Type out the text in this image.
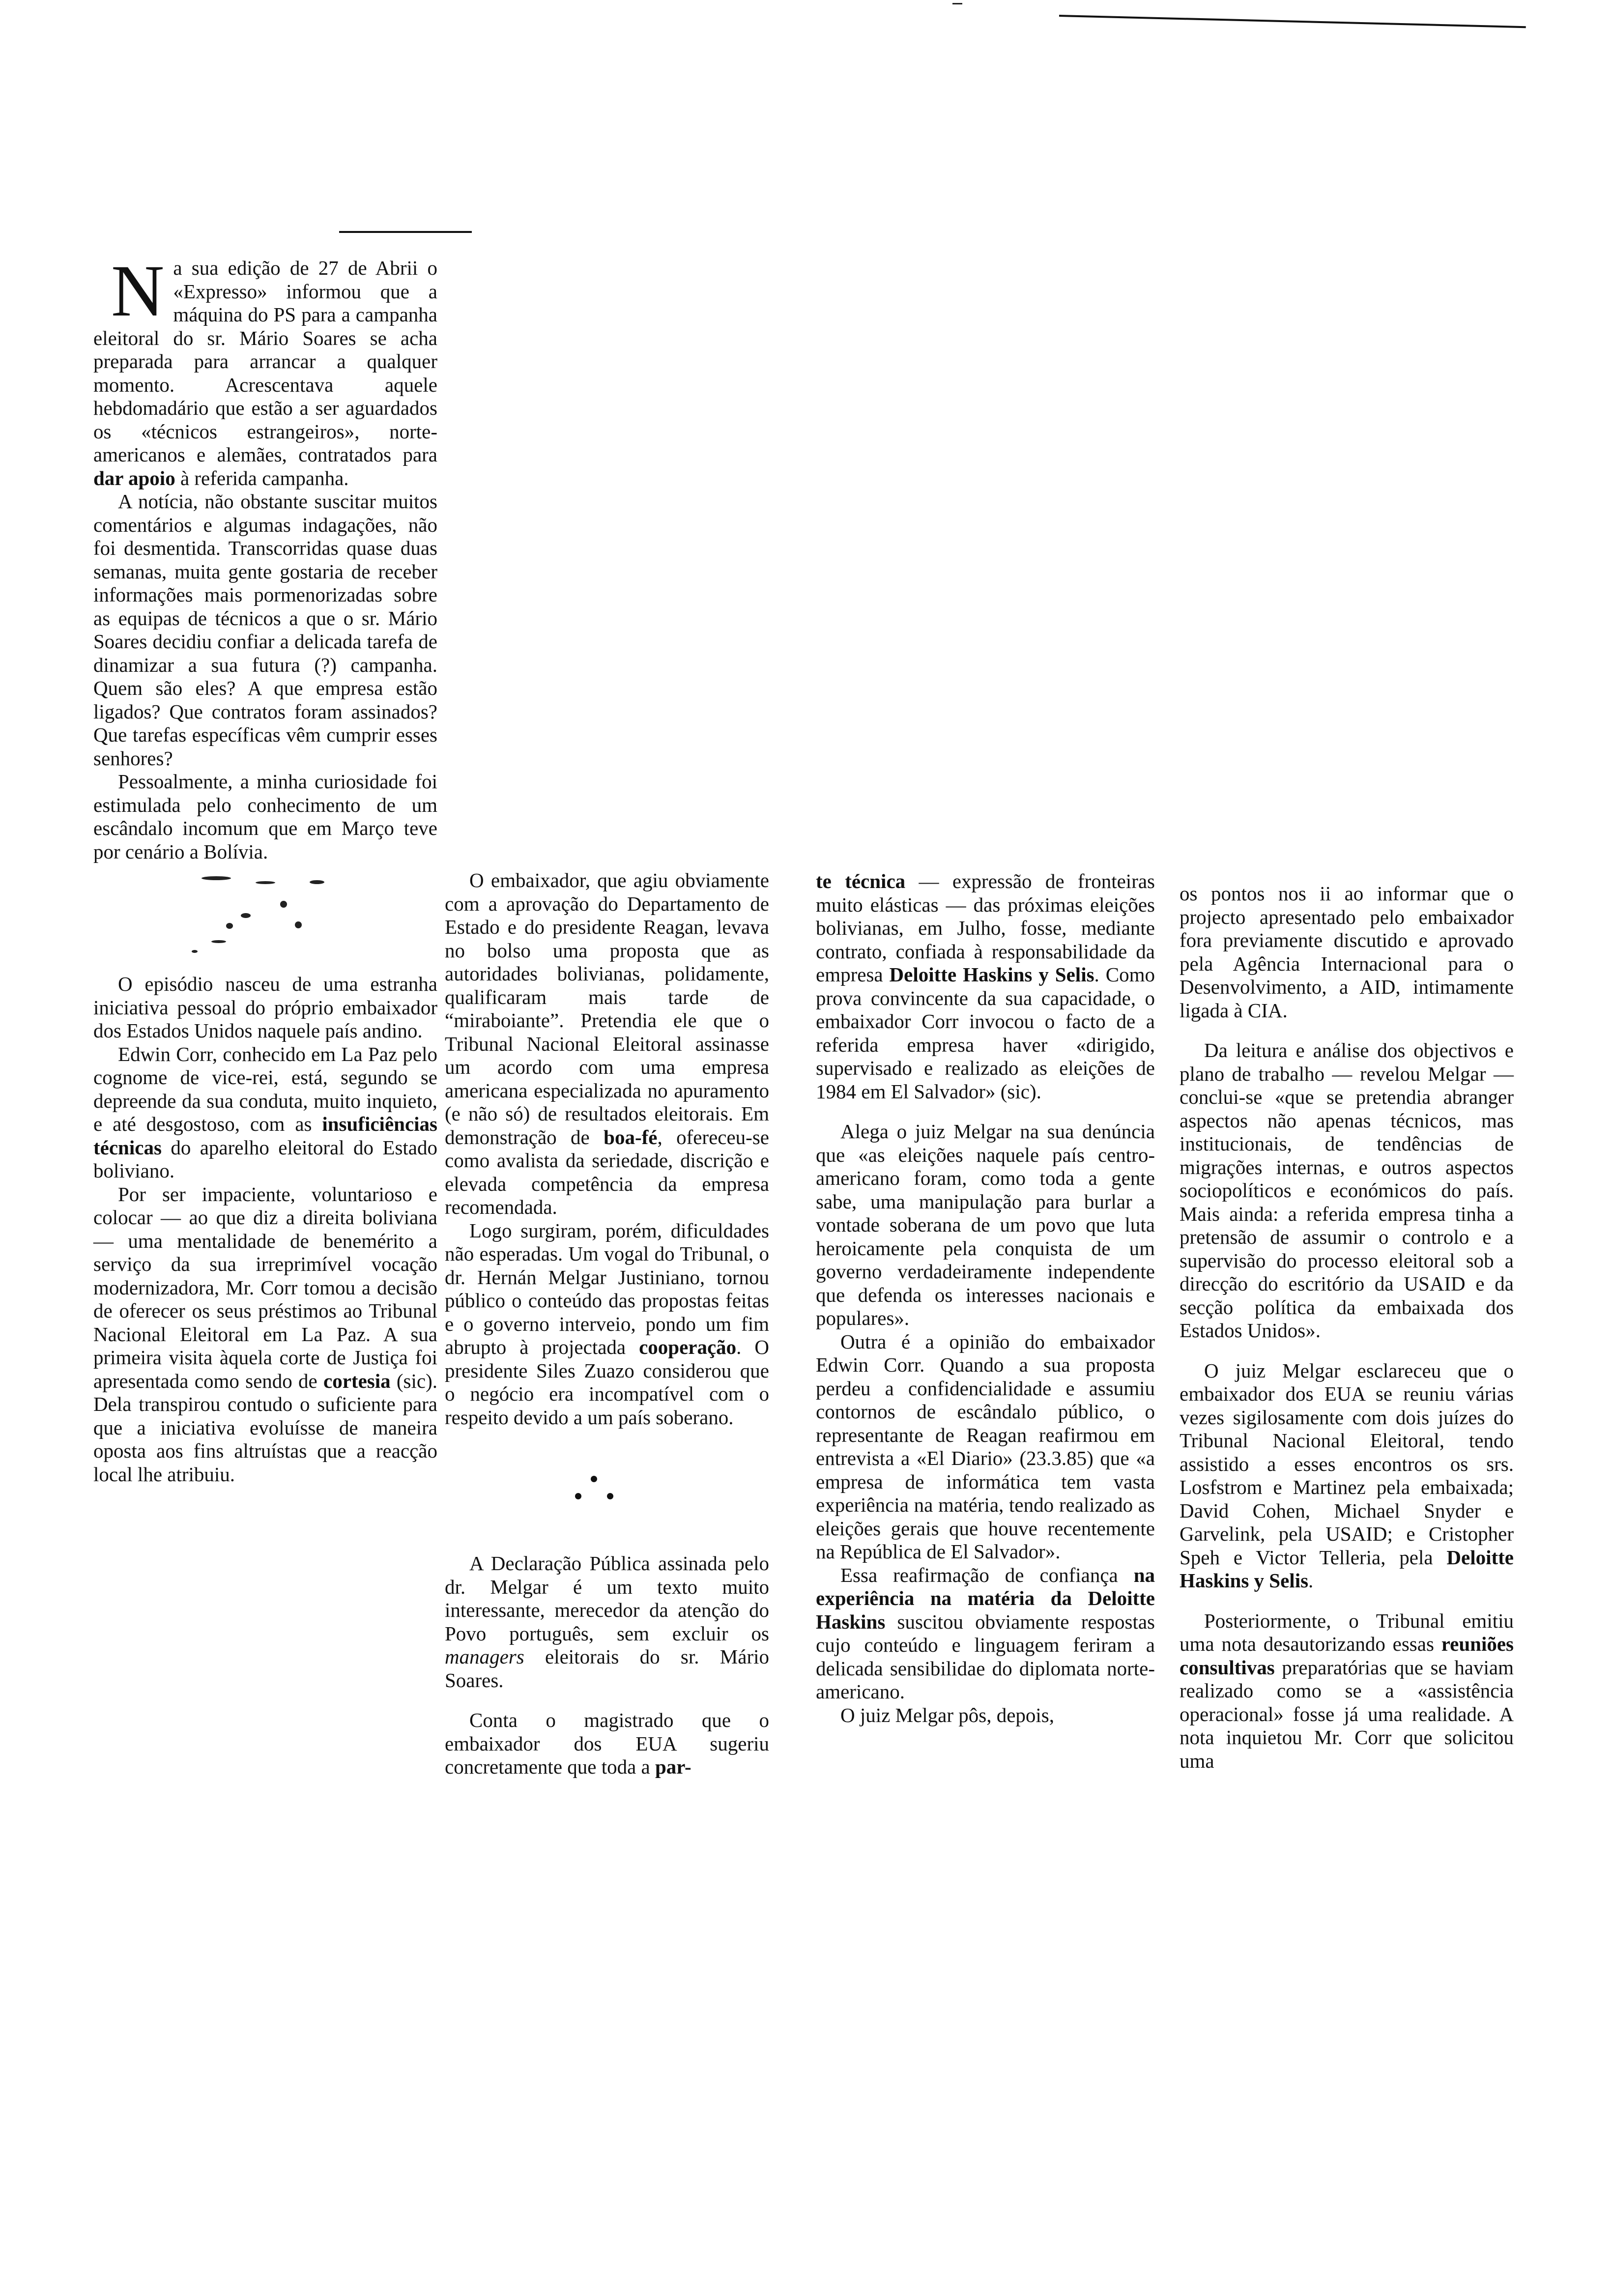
Na sua edição de 27 de Abrii o «Expresso» informou que a máquina do PS para a campanha eleitoral do sr. Mário Soares se acha preparada para arrancar a qualquer momento. Acrescentava aquele hebdomadário que estão a ser aguardados os «técnicos estrangeiros», norte-americanos e alemães, contratados para dar apoio à referida campanha.

A notícia, não obstante suscitar muitos comentários e algumas indagações, não foi desmentida. Transcorridas quase duas semanas, muita gente gostaria de receber informações mais pormenorizadas sobre as equipas de técnicos a que o sr. Mário Soares decidiu confiar a delicada tarefa de dinamizar a sua futura (?) campanha. Quem são eles? A que empresa estão ligados? Que contratos foram assinados? Que tarefas específicas vêm cumprir esses senhores?

Pessoalmente, a minha curiosidade foi estimulada pelo conhecimento de um escândalo incomum que em Março teve por cenário a Bolívia.

O episódio nasceu de uma estranha iniciativa pessoal do próprio embaixador dos Estados Unidos naquele país andino.

Edwin Corr, conhecido em La Paz pelo cognome de vice-rei, está, segundo se depreende da sua conduta, muito inquieto, e até desgostoso, com as insuficiências técnicas do aparelho eleitoral do Estado boliviano.

Por ser impaciente, voluntarioso e colocar — ao que diz a direita boliviana — uma mentalidade de benemérito a serviço da sua irreprimível vocação modernizadora, Mr. Corr tomou a decisão de oferecer os seus préstimos ao Tribunal Nacional Eleitoral em La Paz. A sua primeira visita àquela corte de Justiça foi apresentada como sendo de cortesia (sic). Dela transpirou contudo o suficiente para que a iniciativa evoluísse de maneira oposta aos fins altruístas que a reacção local lhe atribuiu.

O embaixador, que agiu obviamente com a aprovação do Departamento de Estado e do presidente Reagan, levava no bolso uma proposta que as autoridades bolivianas, polidamente, qualificaram mais tarde de “miraboiante”. Pretendia ele que o Tribunal Nacional Eleitoral assinasse um acordo com uma empresa americana especializada no apuramento (e não só) de resultados eleitorais. Em demonstração de boa-fé, ofereceu-se como avalista da seriedade, discrição e elevada competência da empresa recomendada.

Logo surgiram, porém, dificuldades não esperadas. Um vogal do Tribunal, o dr. Hernán Melgar Justiniano, tornou público o conteúdo das propostas feitas e o governo interveio, pondo um fim abrupto à projectada cooperação. O presidente Siles Zuazo considerou que o negócio era incompatível com o respeito devido a um país soberano.

A Declaração Pública assinada pelo dr. Melgar é um texto muito interessante, merecedor da atenção do Povo português, sem excluir os managers eleitorais do sr. Mário Soares.

Conta o magistrado que o embaixador dos EUA sugeriu concretamente que toda a par-

te técnica — expressão de fronteiras muito elásticas — das próximas eleições bolivianas, em Julho, fosse, mediante contrato, confiada à responsabilidade da empresa Deloitte Haskins y Selis. Como prova convincente da sua capacidade, o embaixador Corr invocou o facto de a referida empresa haver «dirigido, supervisado e realizado as eleições de 1984 em El Salvador» (sic).

Alega o juiz Melgar na sua denúncia que «as eleições naquele país centro-americano foram, como toda a gente sabe, uma manipulação para burlar a vontade soberana de um povo que luta heroicamente pela conquista de um governo verdadeiramente independente que defenda os interesses nacionais e populares».

Outra é a opinião do embaixador Edwin Corr. Quando a sua proposta perdeu a confidencialidade e assumiu contornos de escândalo público, o representante de Reagan reafirmou em entrevista a «El Diario» (23.3.85) que «a empresa de informática tem vasta experiência na matéria, tendo realizado as eleições gerais que houve recentemente na República de El Salvador».

Essa reafirmação de confiança na experiência na matéria da Deloitte Haskins suscitou obviamente respostas cujo conteúdo e linguagem feriram a delicada sensibilidae do diplomata norte-americano.

O juiz Melgar pôs, depois,

os pontos nos ii ao informar que o projecto apresentado pelo embaixador fora previamente discutido e aprovado pela Agência Internacional para o Desenvolvimento, a AID, intimamente ligada à CIA.

Da leitura e análise dos objectivos e plano de trabalho — revelou Melgar — conclui-se «que se pretendia abranger aspectos não apenas técnicos, mas institucionais, de tendências de migrações internas, e outros aspectos sociopolíticos e económicos do país. Mais ainda: a referida empresa tinha a pretensão de assumir o controlo e a supervisão do processo eleitoral sob a direcção do escritório da USAID e da secção política da embaixada dos Estados Unidos».

O juiz Melgar esclareceu que o embaixador dos EUA se reuniu várias vezes sigilosamente com dois juízes do Tribunal Nacional Eleitoral, tendo assistido a esses encontros os srs. Losfstrom e Martinez pela embaixada; David Cohen, Michael Snyder e Garvelink, pela USAID; e Cristopher Speh e Victor Telleria, pela Deloitte Haskins y Selis.

Posteriormente, o Tribunal emitiu uma nota desautorizando essas reuniões consultivas preparatórias que se haviam realizado como se a «assistência operacional» fosse já uma realidade. A nota inquietou Mr. Corr que solicitou uma
